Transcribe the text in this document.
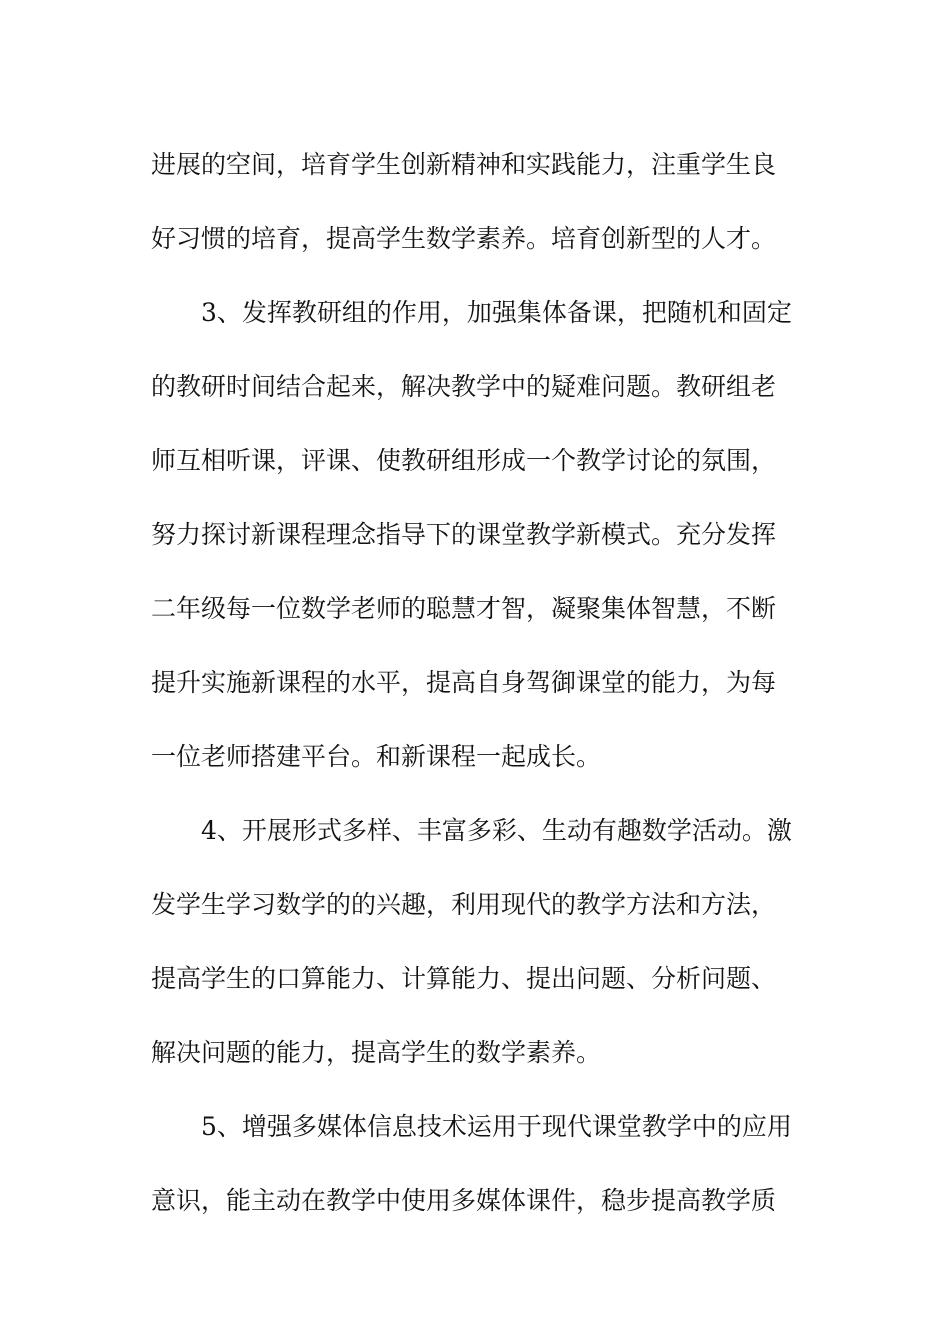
进展的空间，培育学生创新精神和实践能力，注重学生良
好习惯的培育，提高学生数学素养。培育创新型的人才。
3、发挥教研组的作用，加强集体备课，把随机和固定
的教研时间结合起来，解决教学中的疑难问题。教研组老
师互相听课，评课、使教研组形成一个教学讨论的氛围，
努力探讨新课程理念指导下的课堂教学新模式。充分发挥
二年级每一位数学老师的聪慧才智，凝聚集体智慧，不断
提升实施新课程的水平，提高自身驾御课堂的能力，为每
一位老师搭建平台。和新课程一起成长。
4、开展形式多样、丰富多彩、生动有趣数学活动。激
发学生学习数学的的兴趣，利用现代的教学方法和方法，
提高学生的口算能力、计算能力、提出问题、分析问题、
解决问题的能力，提高学生的数学素养。
5、增强多媒体信息技术运用于现代课堂教学中的应用
意识，能主动在教学中使用多媒体课件，稳步提高教学质
